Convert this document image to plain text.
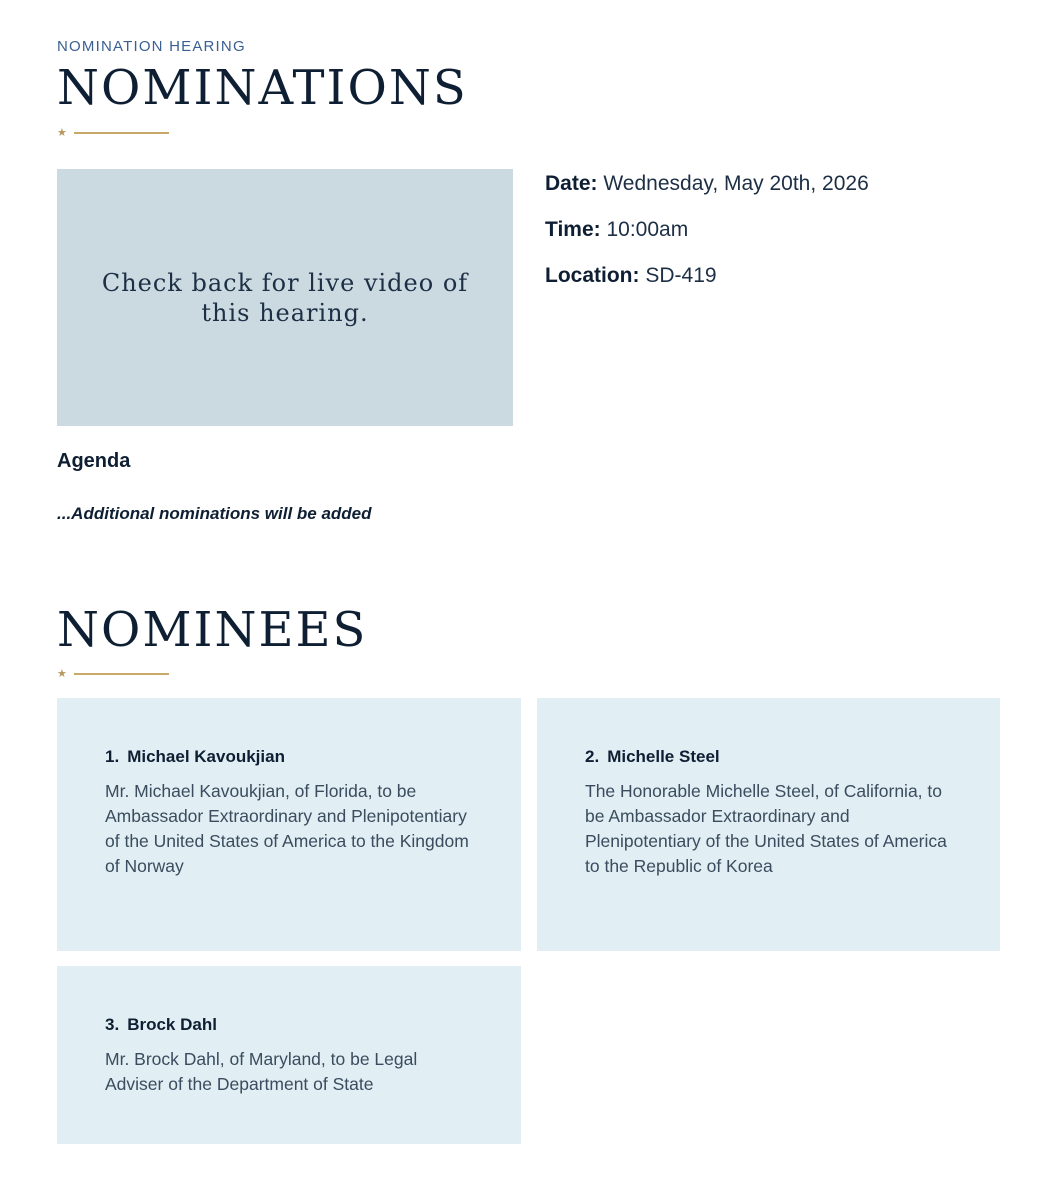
NOMINATION HEARING
NOMINATIONS
★
Check back for live video of this hearing.
Date: Wednesday, May 20th, 2026
Time: 10:00am
Location: SD-419
Agenda
...Additional nominations will be added
NOMINEES
★
1. Michael Kavoukjian
Mr. Michael Kavoukjian, of Florida, to be Ambassador Extraordinary and Plenipotentiary of the United States of America to the Kingdom of Norway
2. Michelle Steel
The Honorable Michelle Steel, of California, to be Ambassador Extraordinary and Plenipotentiary of the United States of America to the Republic of Korea
3. Brock Dahl
Mr. Brock Dahl, of Maryland, to be Legal Adviser of the Department of State
